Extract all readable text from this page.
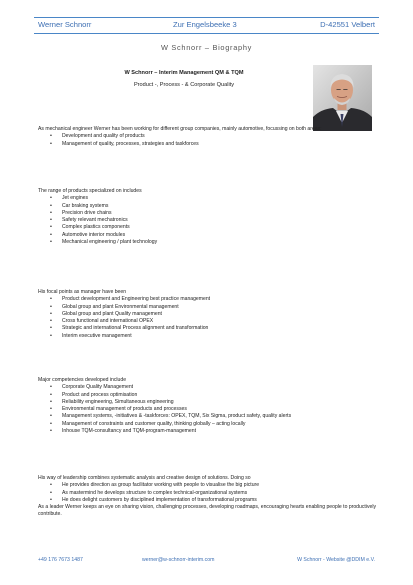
Werner Schnorr	Zur Engelsbeeke 3	D-42551 Velbert
W Schnorr – Biography
W Schnorr – Interim Management QM & TQM
Product -, Process - & Corporate Quality

As mechanical engineer Werner has been working for different group companies, mainly automotive, focussing on both areas:

• Development and quality of products
• Management of quality, processes, strategies and taskforces

The range of products specialized on includes

• Jet engines
• Car braking systems
• Precision drive chains
• Safety relevant mechatronics
• Complex plastics components
• Automotive interior modules
• Mechanical engineering / plant technology

His focal points as manager have been

• Product development and Engineering best practice management
• Global group and plant Environmental management
• Global group and plant Quality management
• Cross functional and international OPEX
• Strategic and international Process alignment and transformation
• Interim executive management

Major competencies developed include

• Corporate Quality Management
• Product and process optimisation
• Reliability engineering, Simultaneous engineering
• Environmental management of products and processes
• Management systems, -initiatives & -taskforces: OPEX, TQM, Six Sigma, product safety, quality alerts
• Management of constraints and customer quality, thinking globally – acting locally
• Inhouse TQM-consultancy and TQM-program-management

His way of leadership combines systematic analysis and creative design of solutions. Doing so

• He provides direction as group facilitator working with people to visualise the big picture
• As mastermind he develops structure to complex technical-organizational systems
• He does delight customers by disciplined implementation of transformational programs

As a leader Werner keeps an eye on sharing vision, challenging processes, developing roadmaps, encouraging hearts enabling people to productively contribute.

+49 176 7673 1487	werner@w-schnorr-interim.com	W Schnorr - Website @DDIM e.V.
